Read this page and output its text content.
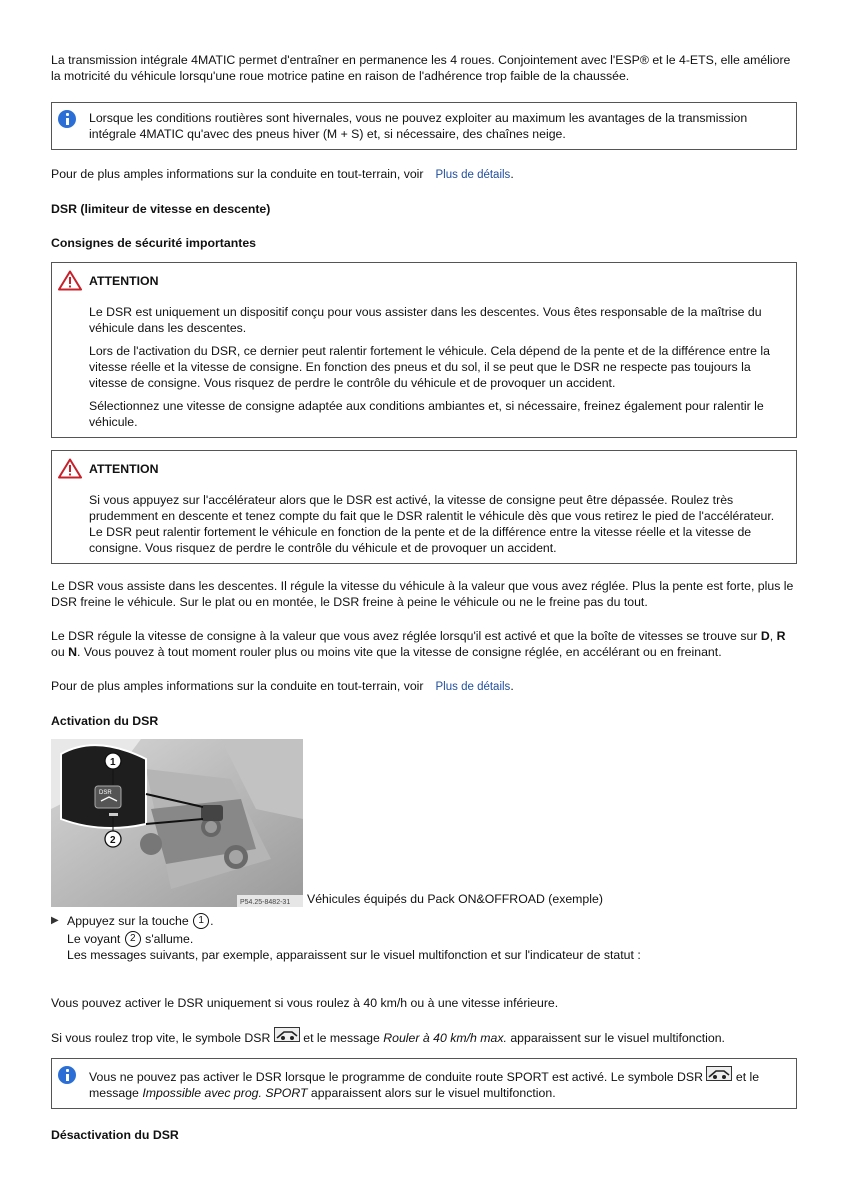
La transmission intégrale 4MATIC permet d'entraîner en permanence les 4 roues. Conjointement avec l'ESP® et le 4-ETS, elle améliore la motricité du véhicule lorsqu'une roue motrice patine en raison de l'adhérence trop faible de la chaussée.

Lorsque les conditions routières sont hivernales, vous ne pouvez exploiter au maximum les avantages de la transmission intégrale 4MATIC qu'avec des pneus hiver (M + S) et, si nécessaire, des chaînes neige.

Pour de plus amples informations sur la conduite en tout-terrain, voir Plus de détails.

DSR (limiteur de vitesse en descente)

Consignes de sécurité importantes

ATTENTION

Le DSR est uniquement un dispositif conçu pour vous assister dans les descentes. Vous êtes responsable de la maîtrise du véhicule dans les descentes.

Lors de l'activation du DSR, ce dernier peut ralentir fortement le véhicule. Cela dépend de la pente et de la différence entre la vitesse réelle et la vitesse de consigne. En fonction des pneus et du sol, il se peut que le DSR ne respecte pas toujours la vitesse de consigne. Vous risquez de perdre le contrôle du véhicule et de provoquer un accident.

Sélectionnez une vitesse de consigne adaptée aux conditions ambiantes et, si nécessaire, freinez également pour ralentir le véhicule.

ATTENTION

Si vous appuyez sur l'accélérateur alors que le DSR est activé, la vitesse de consigne peut être dépassée. Roulez très prudemment en descente et tenez compte du fait que le DSR ralentit le véhicule dès que vous retirez le pied de l'accélérateur. Le DSR peut ralentir fortement le véhicule en fonction de la pente et de la différence entre la vitesse réelle et la vitesse de consigne. Vous risquez de perdre le contrôle du véhicule et de provoquer un accident.

Le DSR vous assiste dans les descentes. Il régule la vitesse du véhicule à la valeur que vous avez réglée. Plus la pente est forte, plus le DSR freine le véhicule. Sur le plat ou en montée, le DSR freine à peine le véhicule ou ne le freine pas du tout.

Le DSR régule la vitesse de consigne à la valeur que vous avez réglée lorsqu'il est activé et que la boîte de vitesses se trouve sur D, R ou N. Vous pouvez à tout moment rouler plus ou moins vite que la vitesse de consigne réglée, en accélérant ou en freinant.

Pour de plus amples informations sur la conduite en tout-terrain, voir Plus de détails.

Activation du DSR

DSR
1
2
P54.25-8482-31 Véhicules équipés du Pack ON&OFFROAD (exemple)
▶ Appuyez sur la touche 1 .

Le voyant 2 s'allume.

Les messages suivants, par exemple, apparaissent sur le visuel multifonction et sur l'indicateur de statut :

Vous pouvez activer le DSR uniquement si vous roulez à 40 km/h ou à une vitesse inférieure.

Si vous roulez trop vite, le symbole DSR	et le message Rouler à 40 km/h max. apparaissent sur le visuel multifonction.

Vous ne pouvez pas activer le DSR lorsque le programme de conduite route SPORT est activé. Le symbole DSR	et le message Impossible avec prog. SPORT apparaissent alors sur le visuel multifonction.

Désactivation du DSR
